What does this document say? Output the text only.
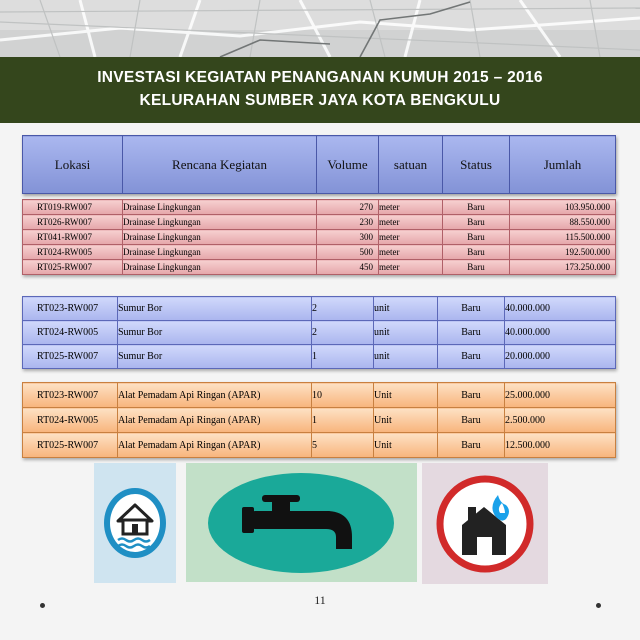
INVESTASI KEGIATAN PENANGANAN KUMUH 2015 – 2016
KELURAHAN SUMBER JAYA KOTA BENGKULU
Lokasi	Rencana Kegiatan	Volume	satuan	Status	Jumlah
RT019-RW007	Drainase Lingkungan	270	meter	Baru	103.950.000
RT026-RW007	Drainase Lingkungan	230	meter	Baru	88.550.000
RT041-RW007	Drainase Lingkungan	300	meter	Baru	115.500.000
RT024-RW005	Drainase Lingkungan	500	meter	Baru	192.500.000
RT025-RW007	Drainase Lingkungan	450	meter	Baru	173.250.000
RT023-RW007	Sumur Bor	2	unit	Baru	40.000.000
RT024-RW005	Sumur Bor	2	unit	Baru	40.000.000
RT025-RW007	Sumur Bor	1	unit	Baru	20.000.000
RT023-RW007	Alat Pemadam Api Ringan (APAR)	10	Unit	Baru	25.000.000
RT024-RW005	Alat Pemadam Api Ringan (APAR)	1	Unit	Baru	2.500.000
RT025-RW007	Alat Pemadam Api Ringan (APAR)	5	Unit	Baru	12.500.000
11
